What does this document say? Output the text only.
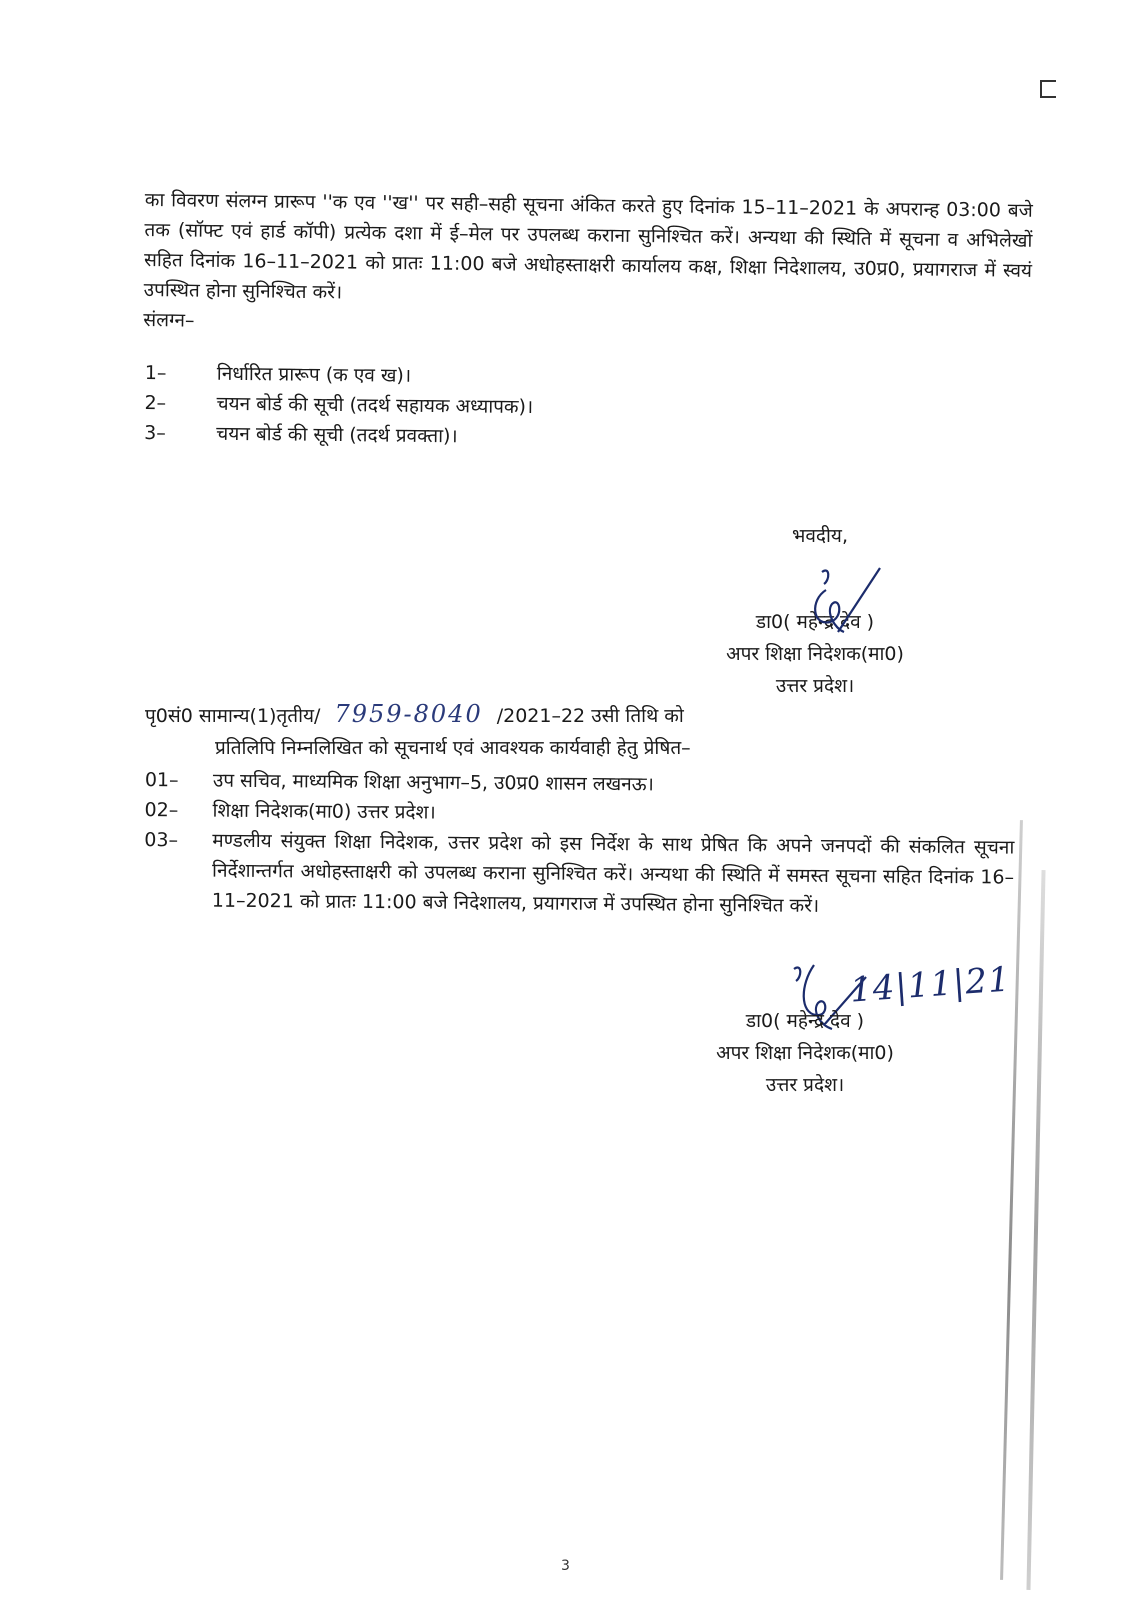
का विवरण संलग्न प्रारूप ''क एव ''ख'' पर सही–सही सूचना अंकित करते हुए दिनांक 15–11–2021 के अपरान्ह 03:00 बजे तक (सॉफ्ट एवं हार्ड कॉपी) प्रत्येक दशा में ई–मेल पर उपलब्ध कराना सुनिश्चित करें। अन्यथा की स्थिति में सूचना व अभिलेखों सहित दिनांक 16–11–2021 को प्रातः 11:00 बजे अधोहस्ताक्षरी कार्यालय कक्ष, शिक्षा निदेशालय, उ0प्र0, प्रयागराज में स्वयं उपस्थित होना सुनिश्चित करें।

संलग्न–

1–	निर्धारित प्रारूप (क एव ख)।
2–	चयन बोर्ड की सूची (तदर्थ सहायक अध्यापक)।
3–	चयन बोर्ड की सूची (तदर्थ प्रवक्ता)।
भवदीय,
डा0( महेन्द्र देव )
अपर शिक्षा निदेशक(मा0)
उत्तर प्रदेश।
पृ0सं0 सामान्य(1)तृतीय/ 7959-8040 /2021–22 उसी तिथि को
प्रतिलिपि निम्नलिखित को सूचनार्थ एवं आवश्यक कार्यवाही हेतु प्रेषित–
01–	उप सचिव, माध्यमिक शिक्षा अनुभाग–5, उ0प्र0 शासन लखनऊ।
02–	शिक्षा निदेशक(मा0) उत्तर प्रदेश।
03–	मण्डलीय संयुक्त शिक्षा निदेशक, उत्तर प्रदेश को इस निर्देश के साथ प्रेषित कि अपने जनपदों की संकलित सूचना निर्देशान्तर्गत अधोहस्ताक्षरी को उपलब्ध कराना सुनिश्चित करें। अन्यथा की स्थिति में समस्त सूचना सहित दिनांक 16–11–2021 को प्रातः 11:00 बजे निदेशालय, प्रयागराज में उपस्थित होना सुनिश्चित करें।
14|11|21
डा0( महेन्द्र देव )
अपर शिक्षा निदेशक(मा0)
उत्तर प्रदेश।
3
